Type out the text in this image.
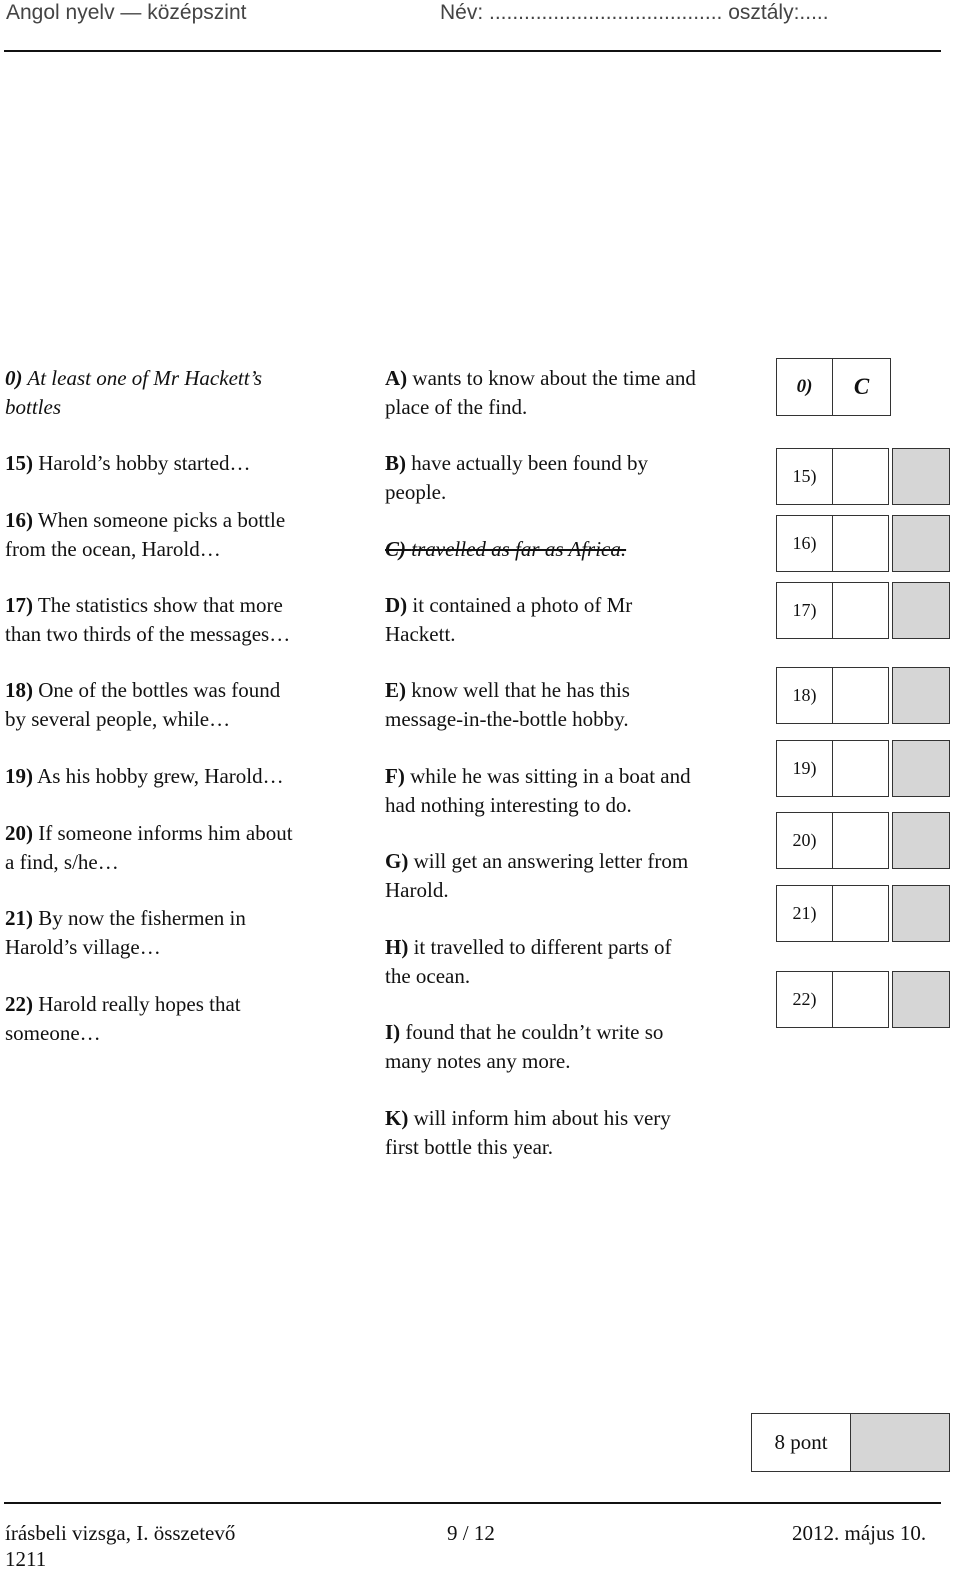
Angol nyelv — középszint	Név: ........................................ osztály:.....
0) At least one of Mr Hackett’s
bottles
15) Harold’s hobby started…
16) When someone picks a bottle
from the ocean, Harold…
17) The statistics show that more
than two thirds of the messages…
18) One of the bottles was found
by several people, while…
19) As his hobby grew, Harold…
20) If someone informs him about
a find, s/he…
21) By now the fishermen in
Harold’s village…
22) Harold really hopes that
someone…
A) wants to know about the time and
place of the find.
B) have actually been found by
people.
C) travelled as far as Africa.
D) it contained a photo of Mr
Hackett.
E) know well that he has this
message-in-the-bottle hobby.
F) while he was sitting in a boat and
had nothing interesting to do.
G) will get an answering letter from
Harold.
H) it travelled to different parts of
the ocean.
I) found that he couldn’t write so
many notes any more.
K) will inform him about his very
first bottle this year.
0)	C
15)
16)
17)
18)
19)
20)
21)
22)
8 pont
írásbeli vizsga, I. összetevő
1211
9 / 12	2012. május 10.
